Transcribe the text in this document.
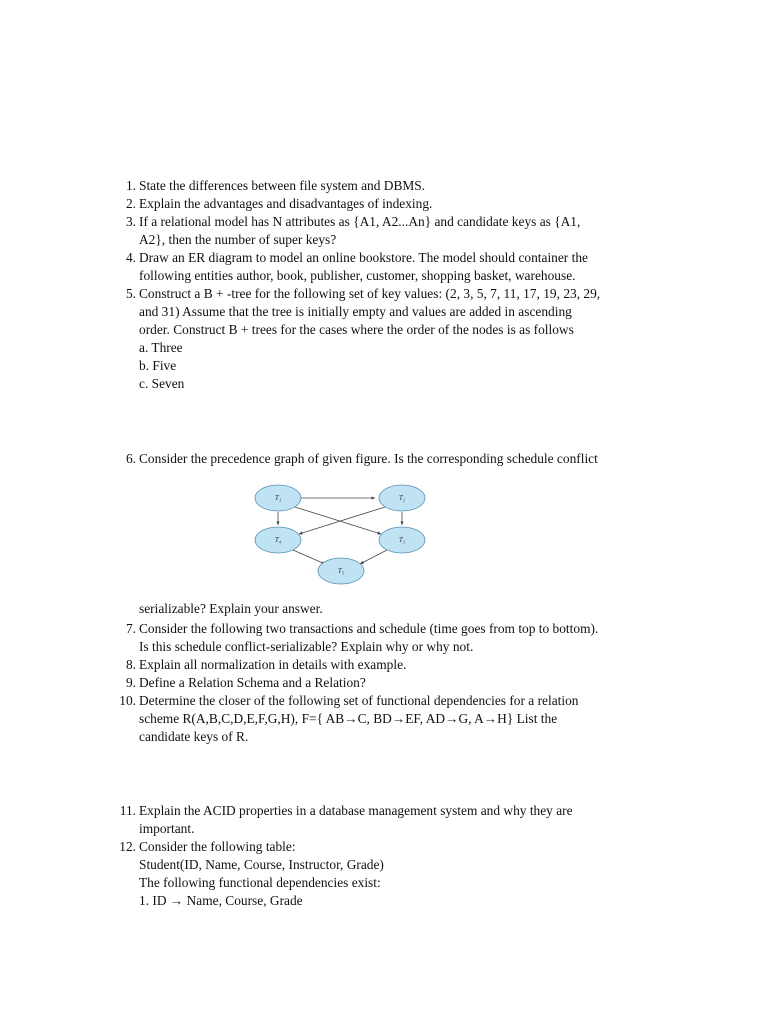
1. State the differences between file system and DBMS.
2. Explain the advantages and disadvantages of indexing.
3. If a relational model has N attributes as {A1, A2...An} and candidate keys as {A1,
A2}, then the number of super keys?
4. Draw an ER diagram to model an online bookstore. The model should container the
following entities author, book, publisher, customer, shopping basket, warehouse.
5. Construct a B + -tree for the following set of key values: (2, 3, 5, 7, 11, 17, 19, 23, 29,
and 31) Assume that the tree is initially empty and values are added in ascending
order. Construct B + trees for the cases where the order of the nodes is as follows
a. Three
b. Five
c. Seven
6. Consider the precedence graph of given figure. Is the corresponding schedule conflict
T₁	T₂
T₄	T₃
T₅
serializable? Explain your answer.
7. Consider the following two transactions and schedule (time goes from top to bottom).
Is this schedule conflict-serializable? Explain why or why not.
8. Explain all normalization in details with example.
9. Define a Relation Schema and a Relation?
10. Determine the closer of the following set of functional dependencies for a relation
scheme R(A,B,C,D,E,F,G,H), F={ AB→C, BD→EF, AD→G, A→H} List the
candidate keys of R.
11. Explain the ACID properties in a database management system and why they are
important.
12. Consider the following table:
Student(ID, Name, Course, Instructor, Grade)
The following functional dependencies exist:
1. ID → Name, Course, Grade
